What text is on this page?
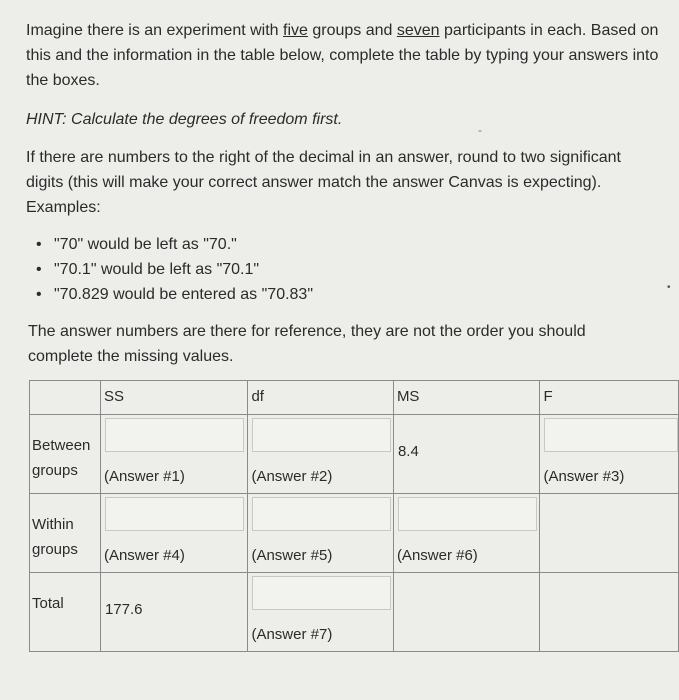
Imagine there is an experiment with five groups and seven participants in each. Based on this and the information in the table below, complete the table by typing your answers into the boxes.

HINT: Calculate the degrees of freedom first.

-

If there are numbers to the right of the decimal in an answer, round to two significant digits (this will make your correct answer match the answer Canvas is expecting). Examples:

• "70" would be left as "70."
• "70.1" would be left as "70.1"
• "70.829 would be entered as "70.83"	•

The answer numbers are there for reference, they are not the order you should complete the missing values.

	SS	df	MS	F

Between groups	(Answer #1)	(Answer #2)	8.4	(Answer #3)

Within groups	(Answer #4)	(Answer #5)	(Answer #6)	

Total	177.6	(Answer #7)		
